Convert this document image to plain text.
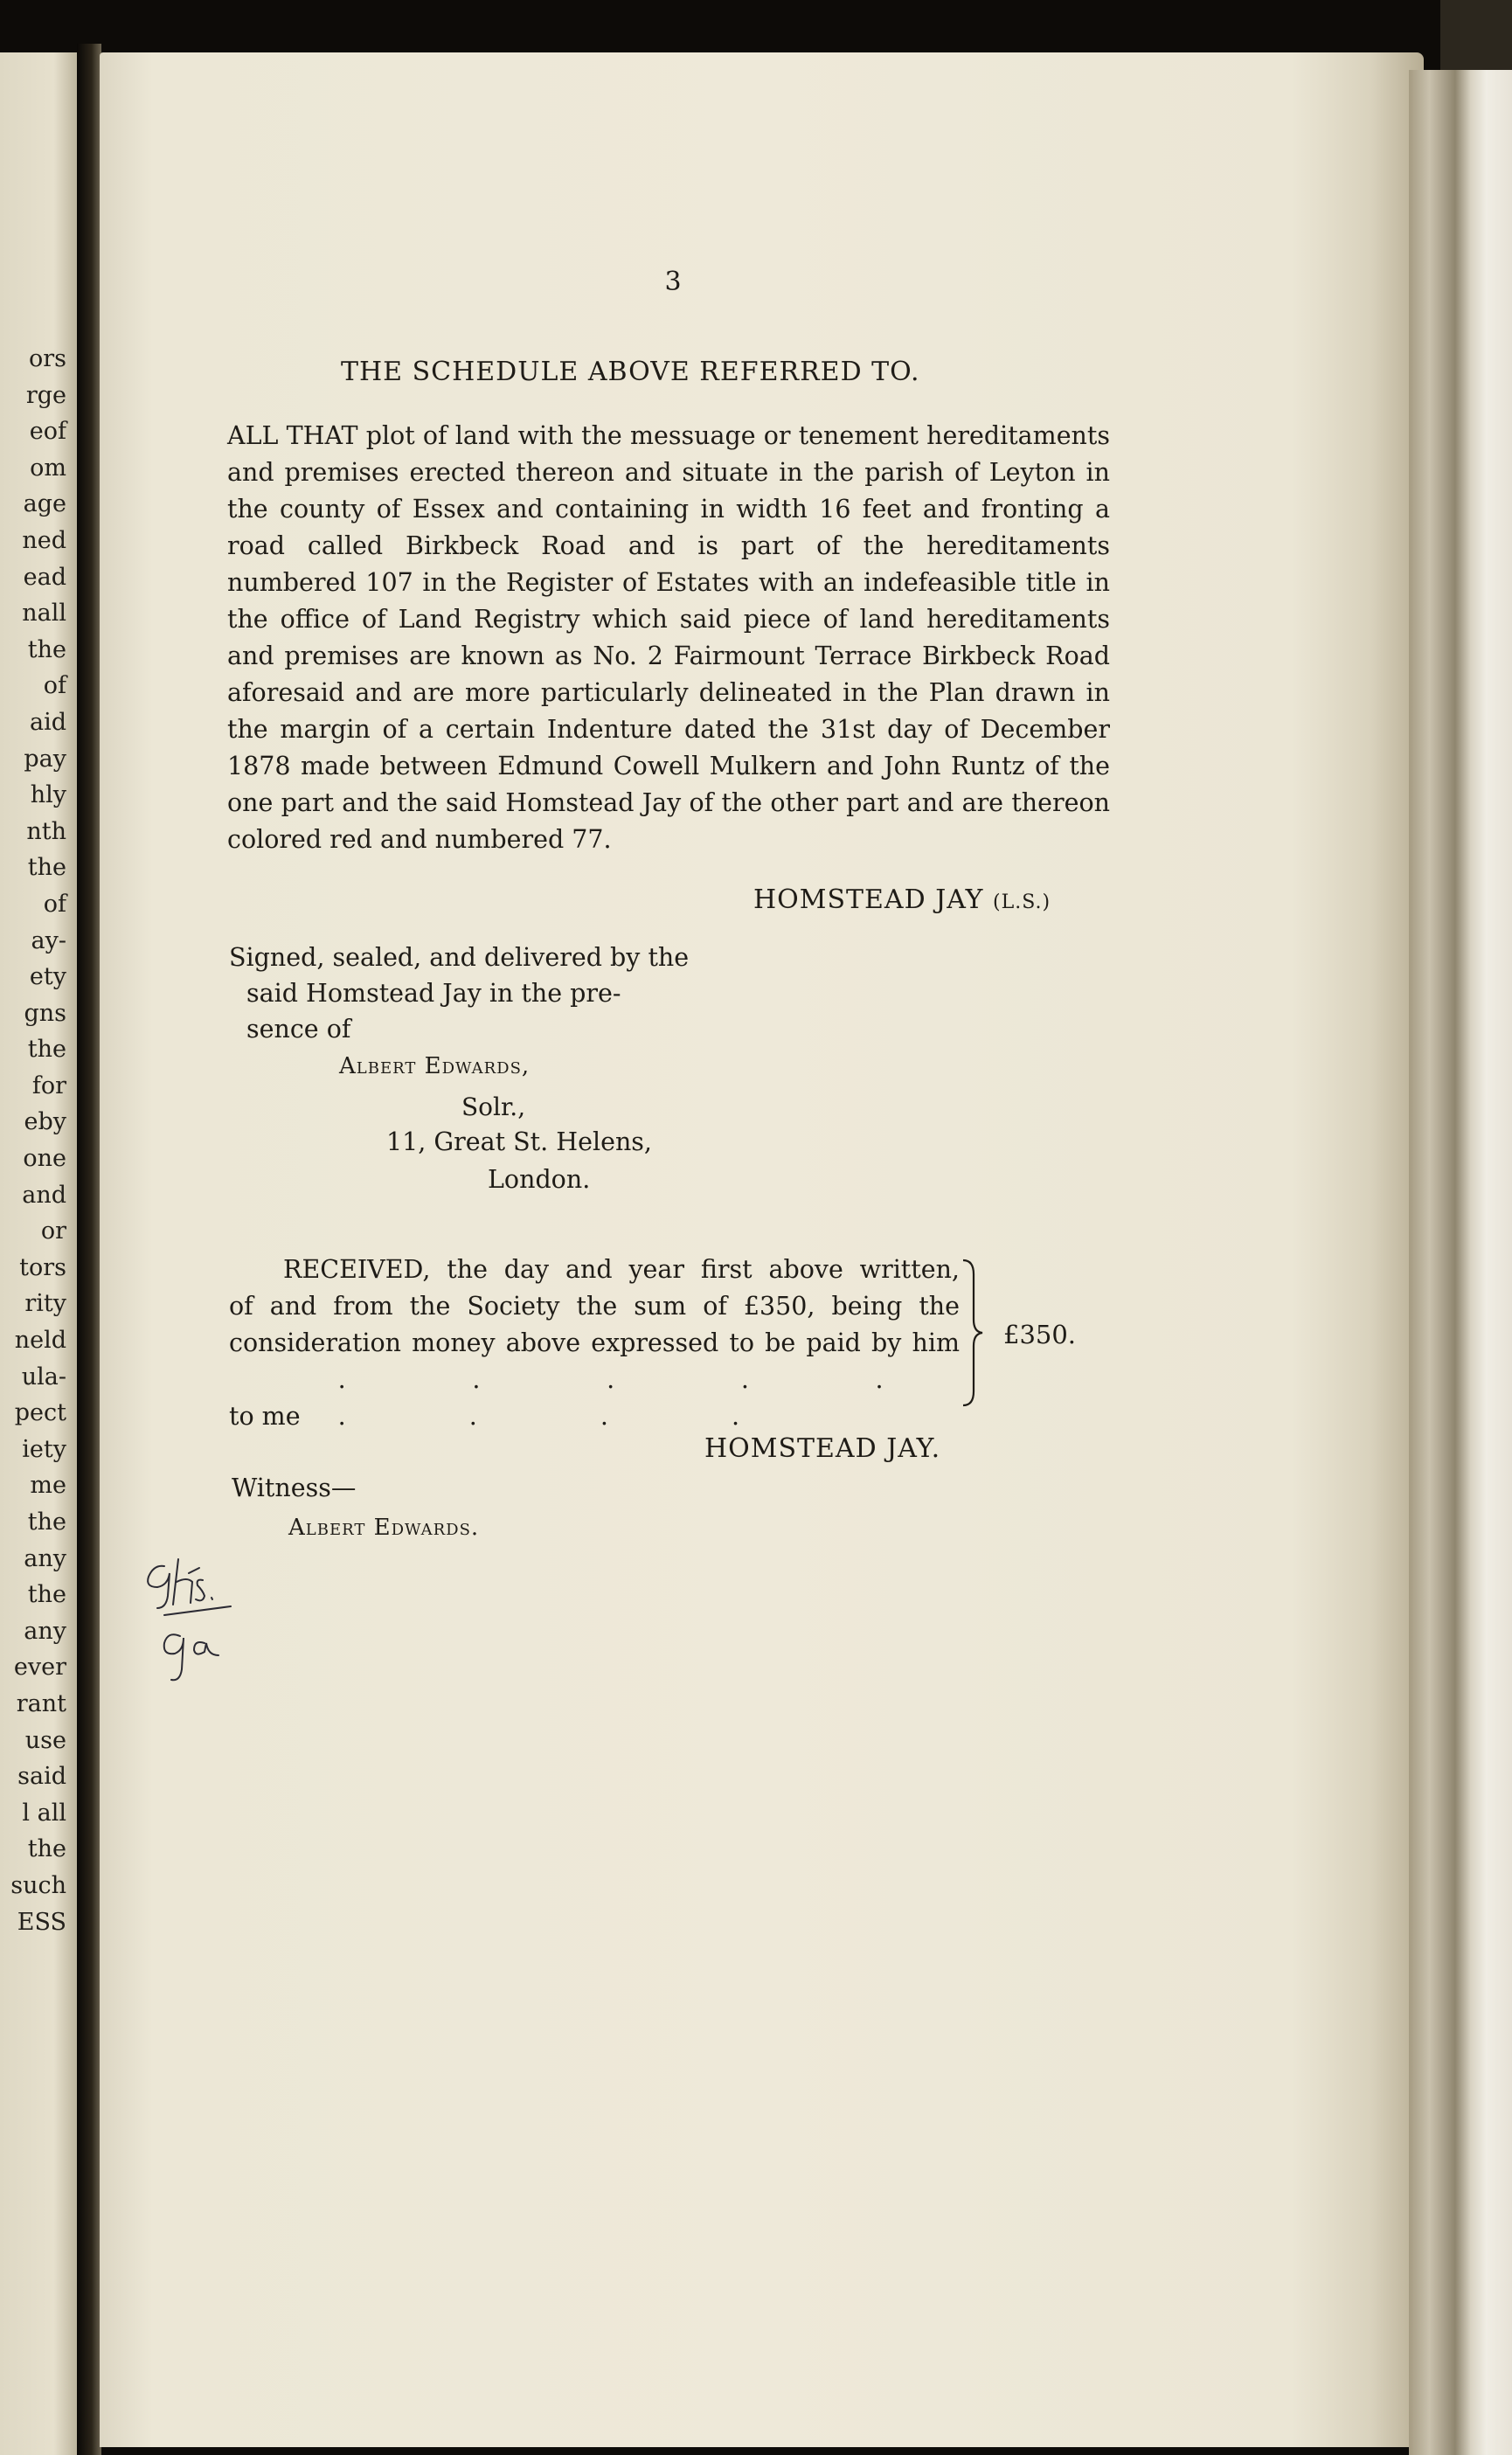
ors
rge
eof
om
age
ned
ead
nall
the
of
aid
pay
hly
nth
the
of
ay-
ety
gns
the
for
eby
one
and
or
tors
rity
neld
ula-
pect
iety
me
the
any
the
any
ever
rant
use
said
l all
the
such
ESS
3
THE SCHEDULE ABOVE REFERRED TO.
ALL THAT plot of land with the messuage or tenement hereditaments and premises erected thereon and situate in the parish of Leyton in the county of Essex and containing in width 16 feet and fronting a road called Birkbeck Road and is part of the hereditaments numbered 107 in the Register of Estates with an indefeasible title in the office of Land Registry which said piece of land hereditaments and premises are known as No. 2 Fairmount Terrace Birkbeck Road aforesaid and are more particularly delineated in the Plan drawn in the margin of a certain Indenture dated the 31st day of December 1878 made between Edmund Cowell Mulkern and John Runtz of the one part and the said Homstead Jay of the other part and are thereon colored red and numbered 77.
HOMSTEAD JAY (L.S.)
Signed, sealed, and delivered by the
said Homstead Jay in the pre-
sence of
Albert Edwards,
Solr.,
11, Great St. Helens,
London.
RECEIVED, the day and year first above written,
of and from the Society the sum of £350, being the
consideration money above expressed to be paid by him
to me . . . . . . . . .
£350.
HOMSTEAD JAY.
Witness—
Albert Edwards.
